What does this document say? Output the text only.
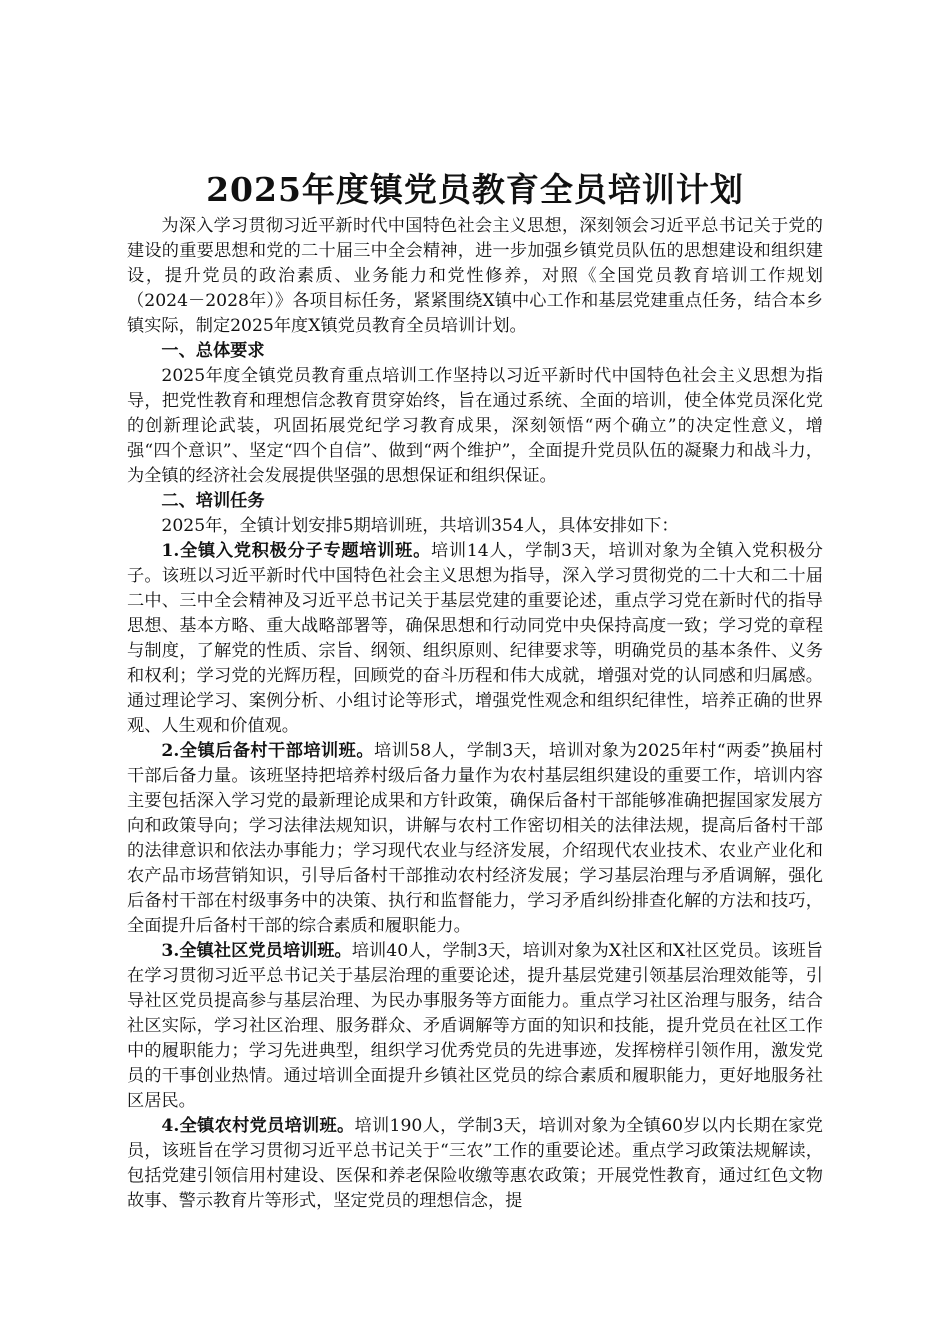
2025年度镇党员教育全员培训计划

为深入学习贯彻习近平新时代中国特色社会主义思想，深刻领会习近平总书记关于党的建设的重要思想和党的二十届三中全会精神，进一步加强乡镇党员队伍的思想建设和组织建设，提升党员的政治素质、业务能力和党性修养，对照《全国党员教育培训工作规划（2024－2028年）》各项目标任务，紧紧围绕X镇中心工作和基层党建重点任务，结合本乡镇实际，制定2025年度X镇党员教育全员培训计划。

一、总体要求

2025年度全镇党员教育重点培训工作坚持以习近平新时代中国特色社会主义思想为指导，把党性教育和理想信念教育贯穿始终，旨在通过系统、全面的培训，使全体党员深化党的创新理论武装，巩固拓展党纪学习教育成果，深刻领悟“两个确立”的决定性意义，增强“四个意识”、坚定“四个自信”、做到“两个维护”，全面提升党员队伍的凝聚力和战斗力，为全镇的经济社会发展提供坚强的思想保证和组织保证。

二、培训任务

2025年，全镇计划安排5期培训班，共培训354人，具体安排如下：

1.全镇入党积极分子专题培训班。培训14人，学制3天，培训对象为全镇入党积极分子。该班以习近平新时代中国特色社会主义思想为指导，深入学习贯彻党的二十大和二十届二中、三中全会精神及习近平总书记关于基层党建的重要论述，重点学习党在新时代的指导思想、基本方略、重大战略部署等，确保思想和行动同党中央保持高度一致；学习党的章程与制度，了解党的性质、宗旨、纲领、组织原则、纪律要求等，明确党员的基本条件、义务和权利；学习党的光辉历程，回顾党的奋斗历程和伟大成就，增强对党的认同感和归属感。通过理论学习、案例分析、小组讨论等形式，增强党性观念和组织纪律性，培养正确的世界观、人生观和价值观。

2.全镇后备村干部培训班。培训58人，学制3天，培训对象为2025年村“两委”换届村干部后备力量。该班坚持把培养村级后备力量作为农村基层组织建设的重要工作，培训内容主要包括深入学习党的最新理论成果和方针政策，确保后备村干部能够准确把握国家发展方向和政策导向；学习法律法规知识，讲解与农村工作密切相关的法律法规，提高后备村干部的法律意识和依法办事能力；学习现代农业与经济发展，介绍现代农业技术、农业产业化和农产品市场营销知识，引导后备村干部推动农村经济发展；学习基层治理与矛盾调解，强化后备村干部在村级事务中的决策、执行和监督能力，学习矛盾纠纷排查化解的方法和技巧，全面提升后备村干部的综合素质和履职能力。

3.全镇社区党员培训班。培训40人，学制3天，培训对象为X社区和X社区党员。该班旨在学习贯彻习近平总书记关于基层治理的重要论述，提升基层党建引领基层治理效能等，引导社区党员提高参与基层治理、为民办事服务等方面能力。重点学习社区治理与服务，结合社区实际，学习社区治理、服务群众、矛盾调解等方面的知识和技能，提升党员在社区工作中的履职能力；学习先进典型，组织学习优秀党员的先进事迹，发挥榜样引领作用，激发党员的干事创业热情。通过培训全面提升乡镇社区党员的综合素质和履职能力，更好地服务社区居民。

4.全镇农村党员培训班。培训190人，学制3天，培训对象为全镇60岁以内长期在家党员，该班旨在学习贯彻习近平总书记关于“三农”工作的重要论述。重点学习政策法规解读，包括党建引领信用村建设、医保和养老保险收缴等惠农政策；开展党性教育，通过红色文物故事、警示教育片等形式，坚定党员的理想信念，提
